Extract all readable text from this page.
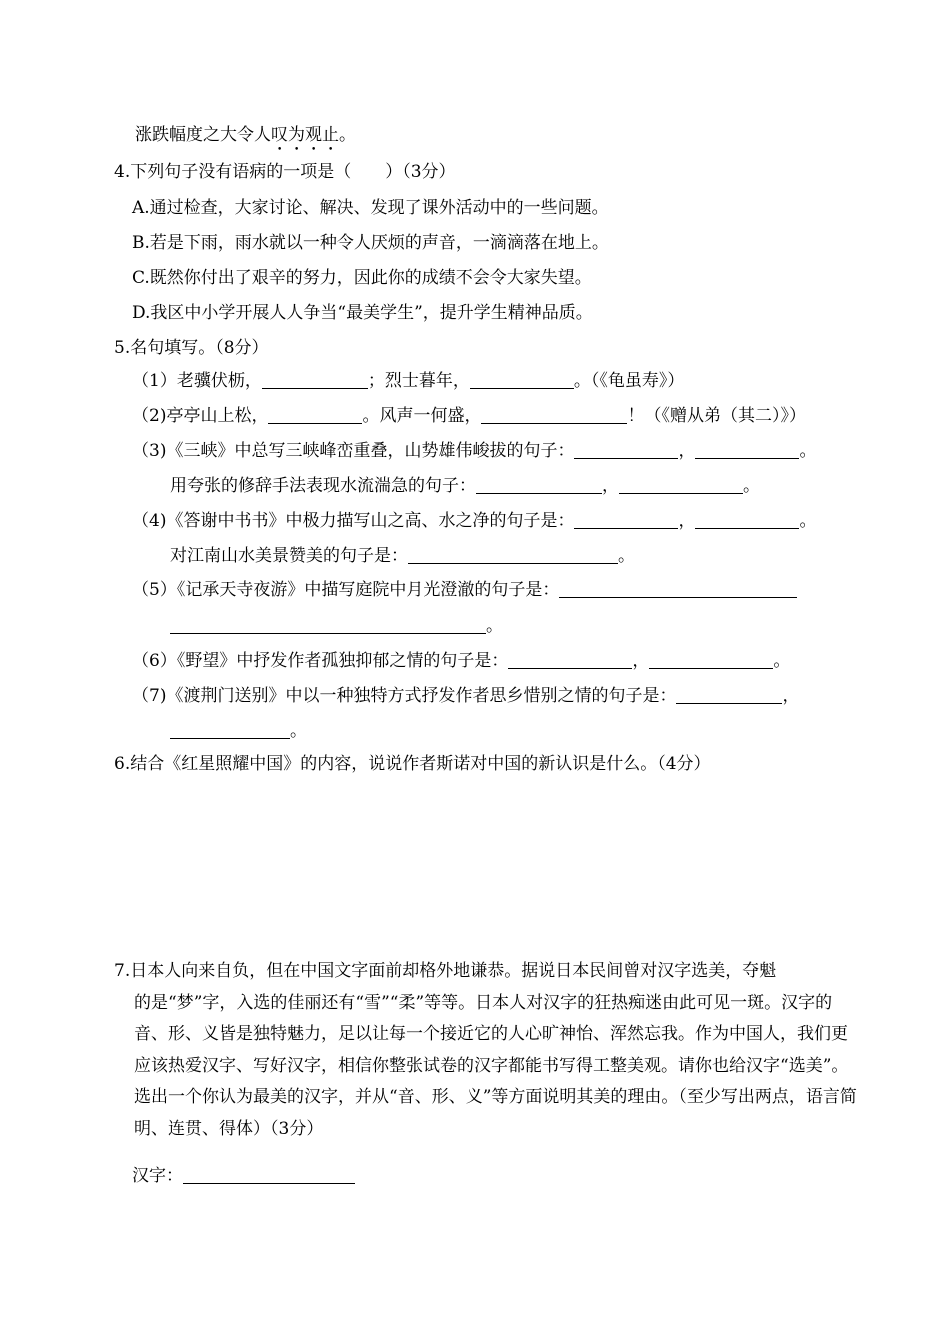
涨跌幅度之大令人叹为观止。
4.下列句子没有语病的一项是（　　）（3分）
A.通过检查，大家讨论、解决、发现了课外活动中的一些问题。
B.若是下雨，雨水就以一种令人厌烦的声音，一滴滴落在地上。
C.既然你付出了艰辛的努力，因此你的成绩不会令大家失望。
D.我区中小学开展人人争当“最美学生”，提升学生精神品质。
5.名句填写。（8分）
（1）老骥伏枥，	；烈士暮年，	。（《龟虽寿》）
（2)亭亭山上松，	。风声一何盛，	！（《赠从弟（其二）》）
（3)《三峡》中总写三峡峰峦重叠，山势雄伟峻拔的句子：	，	。
用夸张的修辞手法表现水流湍急的句子：	，	。
（4)《答谢中书书》中极力描写山之高、水之净的句子是：	，	。
对江南山水美景赞美的句子是：	。
（5）《记承天寺夜游》中描写庭院中月光澄澈的句子是：
。
（6）《野望》中抒发作者孤独抑郁之情的句子是：	，	。
（7)《渡荆门送别》中以一种独特方式抒发作者思乡惜别之情的句子是：	，
。
6.结合《红星照耀中国》的内容，说说作者斯诺对中国的新认识是什么。（4分）
7.日本人向来自负，但在中国文字面前却格外地谦恭。据说日本民间曾对汉字选美，夺魁
的是“梦”字，入选的佳丽还有“雪”“柔”等等。日本人对汉字的狂热痴迷由此可见一斑。汉字的音、形、义皆是独特魅力，足以让每一个接近它的人心旷神怡、浑然忘我。作为中国人，我们更应该热爱汉字、写好汉字，相信你整张试卷的汉字都能书写得工整美观。请你也给汉字“选美”。选出一个你认为最美的汉字，并从“音、形、义”等方面说明其美的理由。（至少写出两点，语言简明、连贯、得体）（3分）
汉字：
